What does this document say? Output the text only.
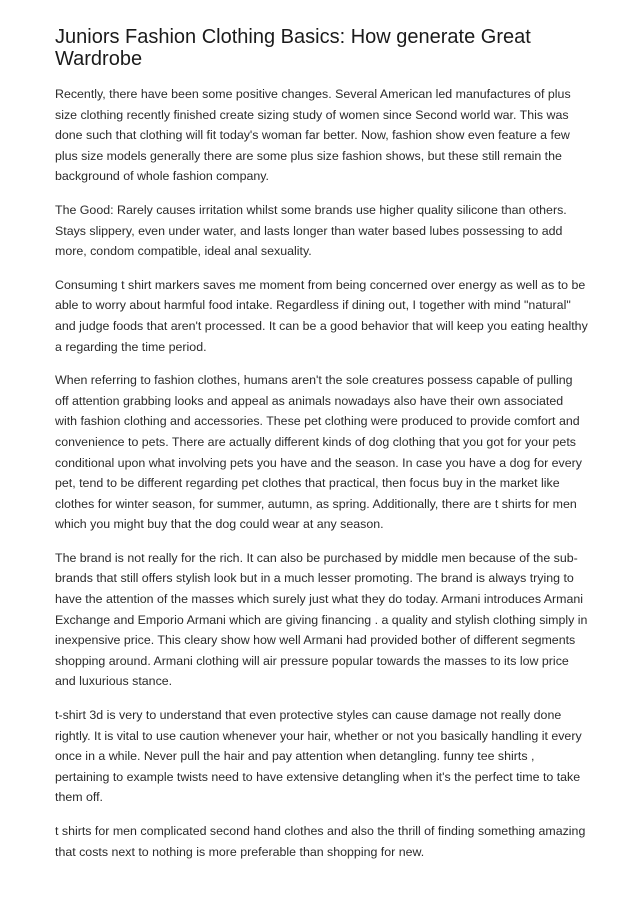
Juniors Fashion Clothing Basics: How generate Great Wardrobe

Recently, there have been some positive changes. Several American led manufactures of plus size clothing recently finished create sizing study of women since Second world war. This was done such that clothing will fit today's woman far better. Now, fashion show even feature a few plus size models generally there are some plus size fashion shows, but these still remain the background of whole fashion company.

The Good: Rarely causes irritation whilst some brands use higher quality silicone than others. Stays slippery, even under water, and lasts longer than water based lubes possessing to add more, condom compatible, ideal anal sexuality.

Consuming t shirt markers saves me moment from being concerned over energy as well as to be able to worry about harmful food intake. Regardless if dining out, I together with mind "natural" and judge foods that aren't processed. It can be a good behavior that will keep you eating healthy a regarding the time period.

When referring to fashion clothes, humans aren't the sole creatures possess capable of pulling off attention grabbing looks and appeal as animals nowadays also have their own associated with fashion clothing and accessories. These pet clothing were produced to provide comfort and convenience to pets. There are actually different kinds of dog clothing that you got for your pets conditional upon what involving pets you have and the season. In case you have a dog for every pet, tend to be different regarding pet clothes that practical, then focus buy in the market like clothes for winter season, for summer, autumn, as spring. Additionally, there are t shirts for men which you might buy that the dog could wear at any season.

The brand is not really for the rich. It can also be purchased by middle men because of the sub-brands that still offers stylish look but in a much lesser promoting. The brand is always trying to have the attention of the masses which surely just what they do today. Armani introduces Armani Exchange and Emporio Armani which are giving financing . a quality and stylish clothing simply in inexpensive price. This cleary show how well Armani had provided bother of different segments shopping around. Armani clothing will air pressure popular towards the masses to its low price and luxurious stance.

t-shirt 3d is very to understand that even protective styles can cause damage not really done rightly. It is vital to use caution whenever your hair, whether or not you basically handling it every once in a while. Never pull the hair and pay attention when detangling. funny tee shirts , pertaining to example twists need to have extensive detangling when it's the perfect time to take them off.

t shirts for men complicated second hand clothes and also the thrill of finding something amazing that costs next to nothing is more preferable than shopping for new.
